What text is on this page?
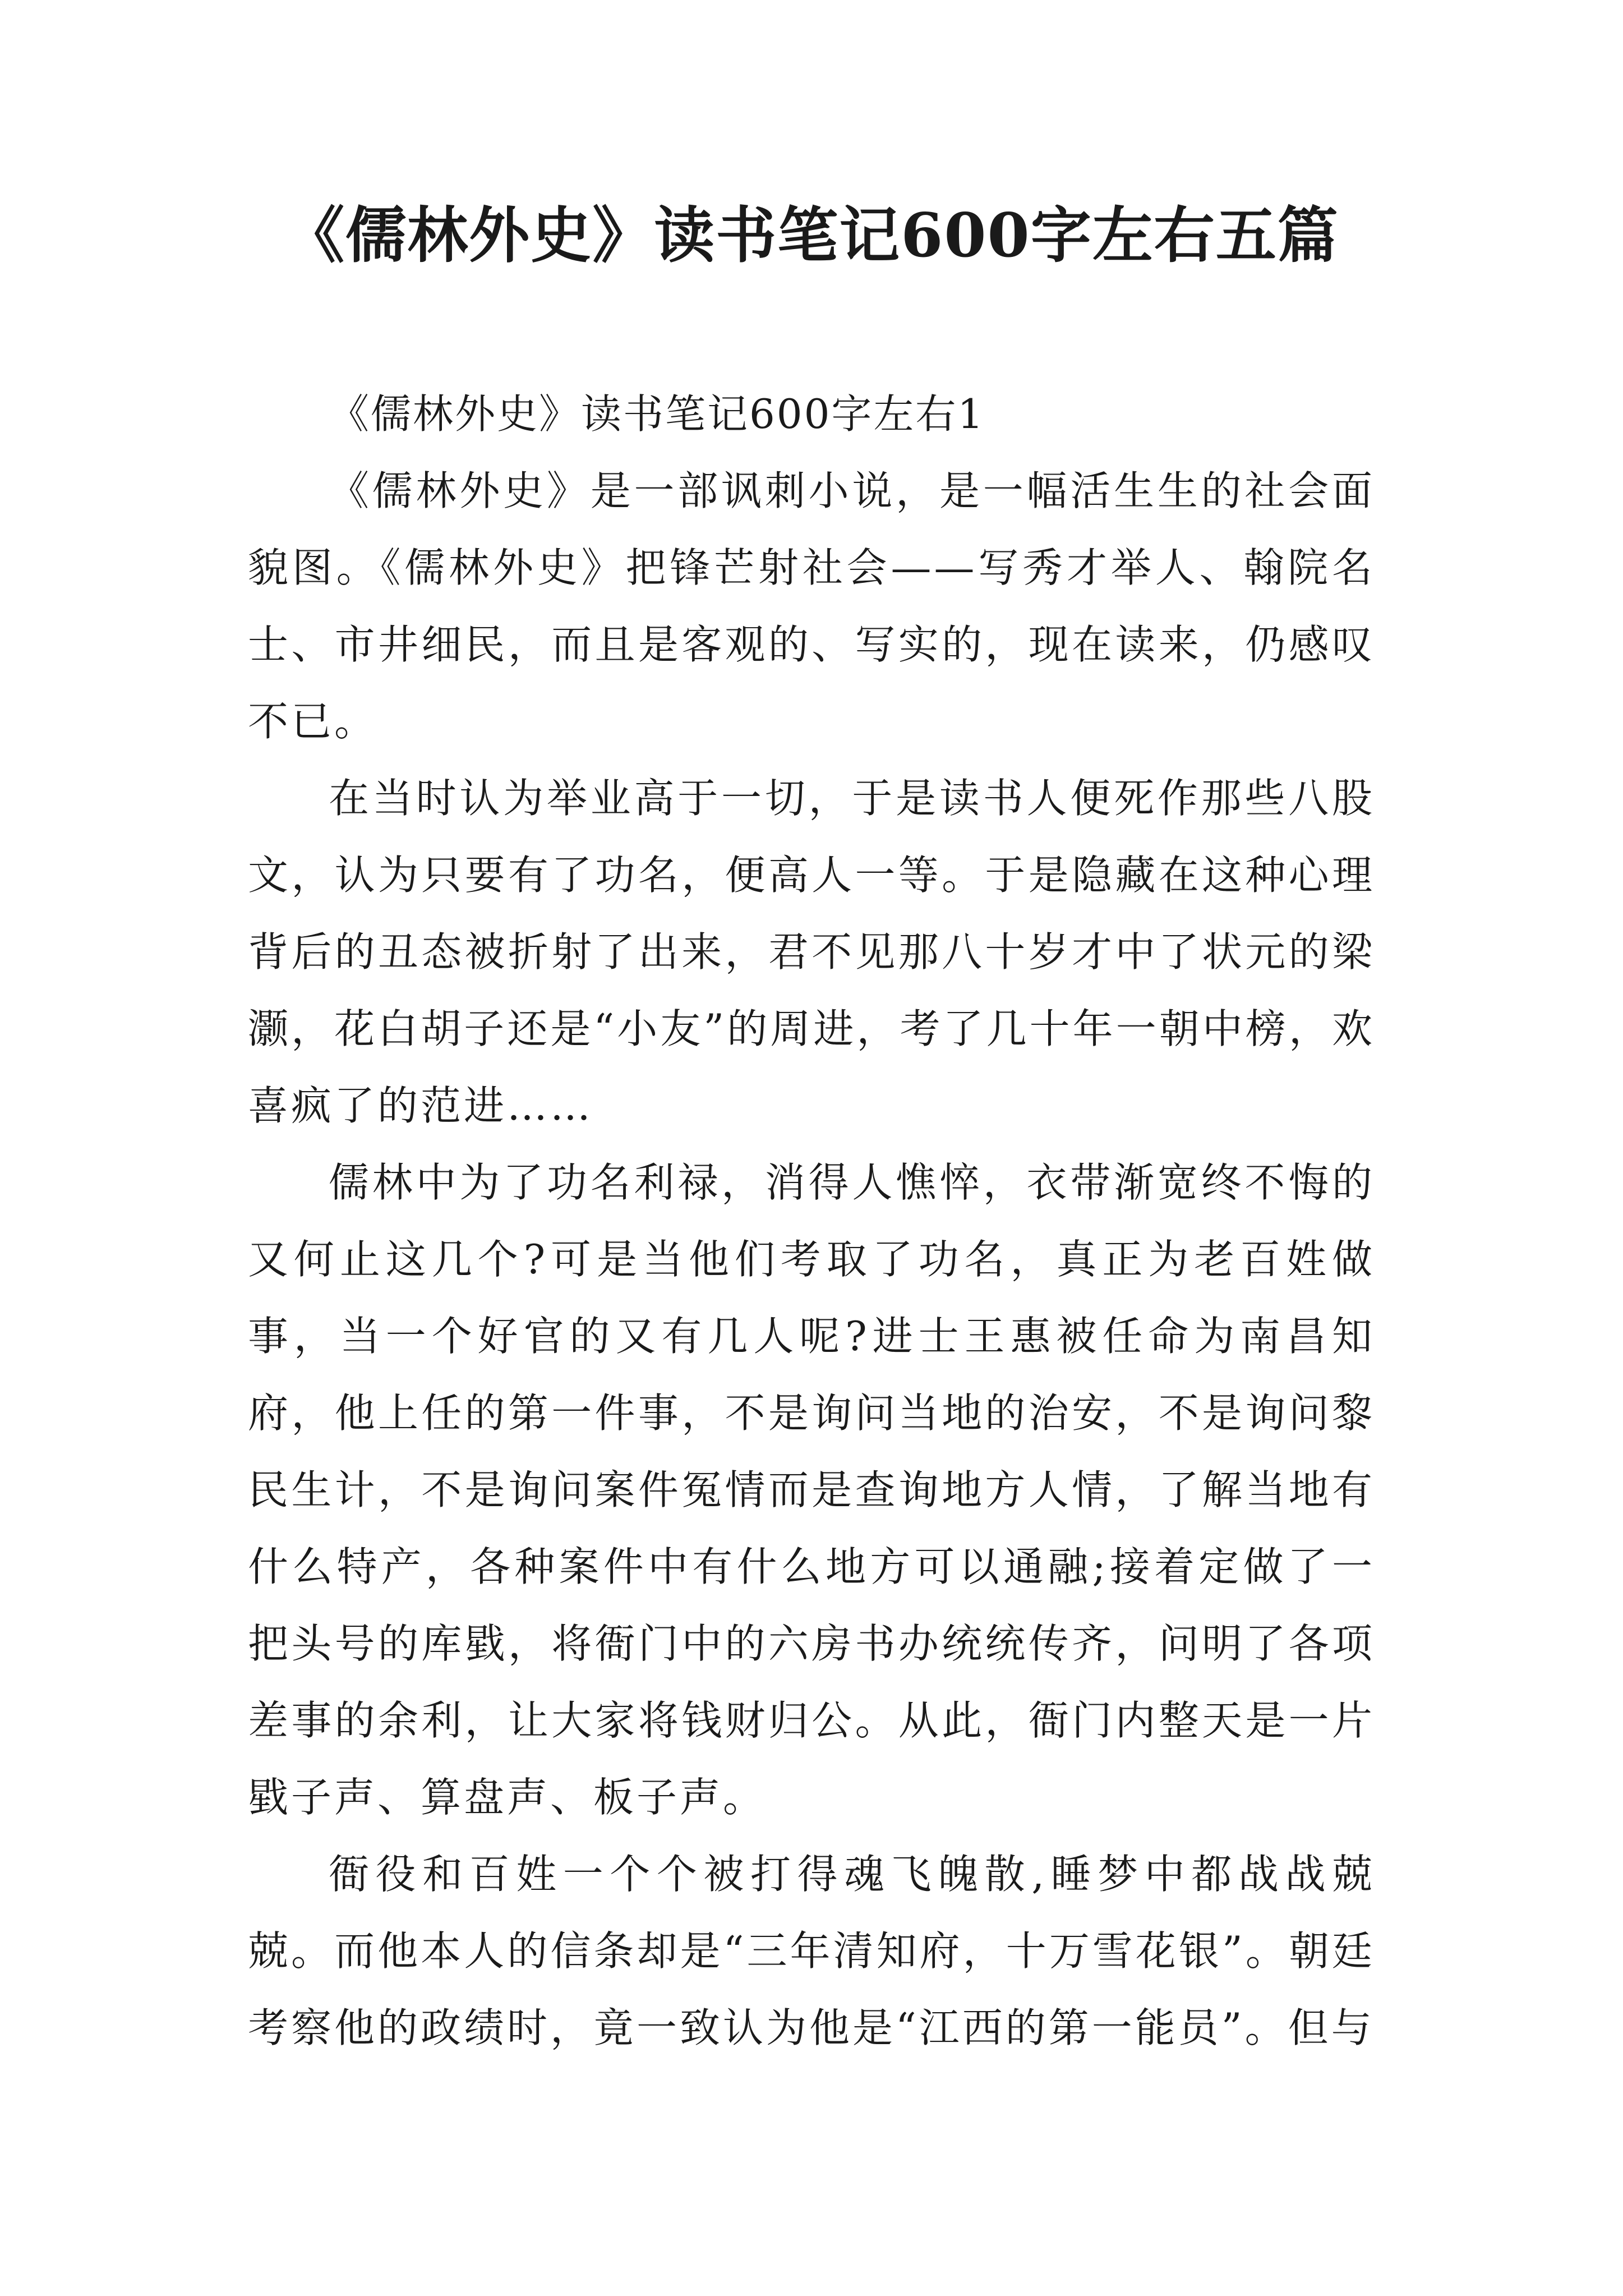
《儒林外史》读书笔记600字左右五篇

《儒林外史》读书笔记600字左右1

《儒林外史》是一部讽刺小说，是一幅活生生的社会面貌图。《儒林外史》把锋芒射社会——写秀才举人、翰院名士、市井细民，而且是客观的、写实的，现在读来，仍感叹不已。

在当时认为举业高于一切，于是读书人便死作那些八股文，认为只要有了功名，便高人一等。于是隐藏在这种心理背后的丑态被折射了出来，君不见那八十岁才中了状元的梁灏，花白胡子还是“小友”的周进，考了几十年一朝中榜，欢喜疯了的范进……

儒林中为了功名利禄，消得人憔悴，衣带渐宽终不悔的又何止这几个?可是当他们考取了功名，真正为老百姓做事，当一个好官的又有几人呢?进士王惠被任命为南昌知府，他上任的第一件事，不是询问当地的治安，不是询问黎民生计，不是询问案件冤情而是查询地方人情，了解当地有什么特产，各种案件中有什么地方可以通融;接着定做了一把头号的库戥，将衙门中的六房书办统统传齐，问明了各项差事的余利，让大家将钱财归公。从此，衙门内整天是一片戥子声、算盘声、板子声。

衙役和百姓一个个被打得魂飞魄散,睡梦中都战战兢兢。而他本人的信条却是“三年清知府，十万雪花银”。朝廷考察他的政绩时，竟一致认为他是“江西的第一能员”。但与
